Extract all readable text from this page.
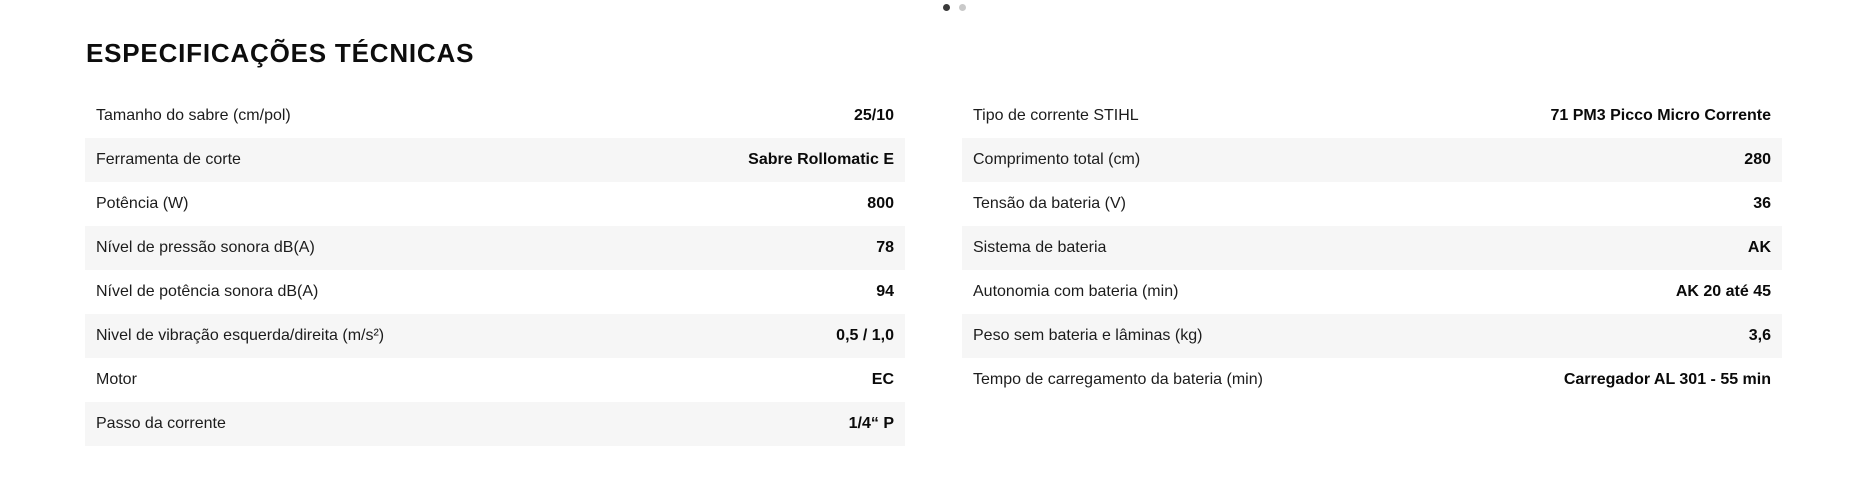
ESPECIFICAÇÕES TÉCNICAS
Tamanho do sabre (cm/pol)	25/10
Ferramenta de corte	Sabre Rollomatic E
Potência (W)	800
Nível de pressão sonora dB(A)	78
Nível de potência sonora dB(A)	94
Nivel de vibração esquerda/direita (m/s²)	0,5 / 1,0
Motor	EC
Passo da corrente	1/4“ P
Tipo de corrente STIHL	71 PM3 Picco Micro Corrente
Comprimento total (cm)	280
Tensão da bateria (V)	36
Sistema de bateria	AK
Autonomia com bateria (min)	AK 20 até 45
Peso sem bateria e lâminas (kg)	3,6
Tempo de carregamento da bateria (min)	Carregador AL 301 - 55 min
